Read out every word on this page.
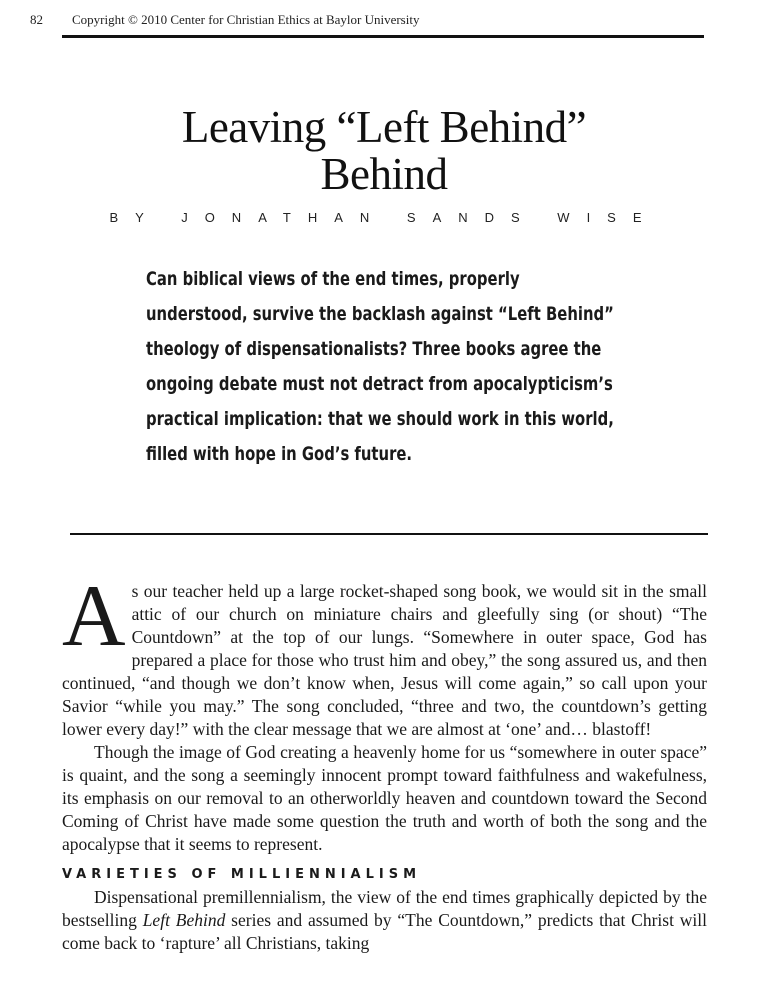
82 Copyright © 2010 Center for Christian Ethics at Baylor University
Leaving “Left Behind”
Behind
BY JONATHAN SANDS WISE
Can biblical views of the end times, properly understood, survive the backlash against “Left Behind” theology of dispensationalists? Three books agree the ongoing debate must not detract from apocalypticism’s practical implication: that we should work in this world, filled with hope in God’s future.

As our teacher held up a large rocket-shaped song book, we would sit in the small attic of our church on miniature chairs and gleefully sing (or shout) “The Countdown” at the top of our lungs. “Somewhere in outer space, God has prepared a place for those who trust him and obey,” the song assured us, and then continued, “and though we don’t know when, Jesus will come again,” so call upon your Savior “while you may.” The song concluded, “three and two, the countdown’s getting lower every day!” with the clear message that we are almost at ‘one’ and… blastoff!

Though the image of God creating a heavenly home for us “somewhere in outer space” is quaint, and the song a seemingly innocent prompt toward faithfulness and wakefulness, its emphasis on our removal to an otherworldly heaven and countdown toward the Second Coming of Christ have made some question the truth and worth of both the song and the apocalypse that it seems to represent.

VARIETIES OF MILLIENNIALISM

Dispensational premillennialism, the view of the end times graphically depicted by the bestselling Left Behind series and assumed by “The Countdown,” predicts that Christ will come back to ‘rapture’ all Christians, taking
